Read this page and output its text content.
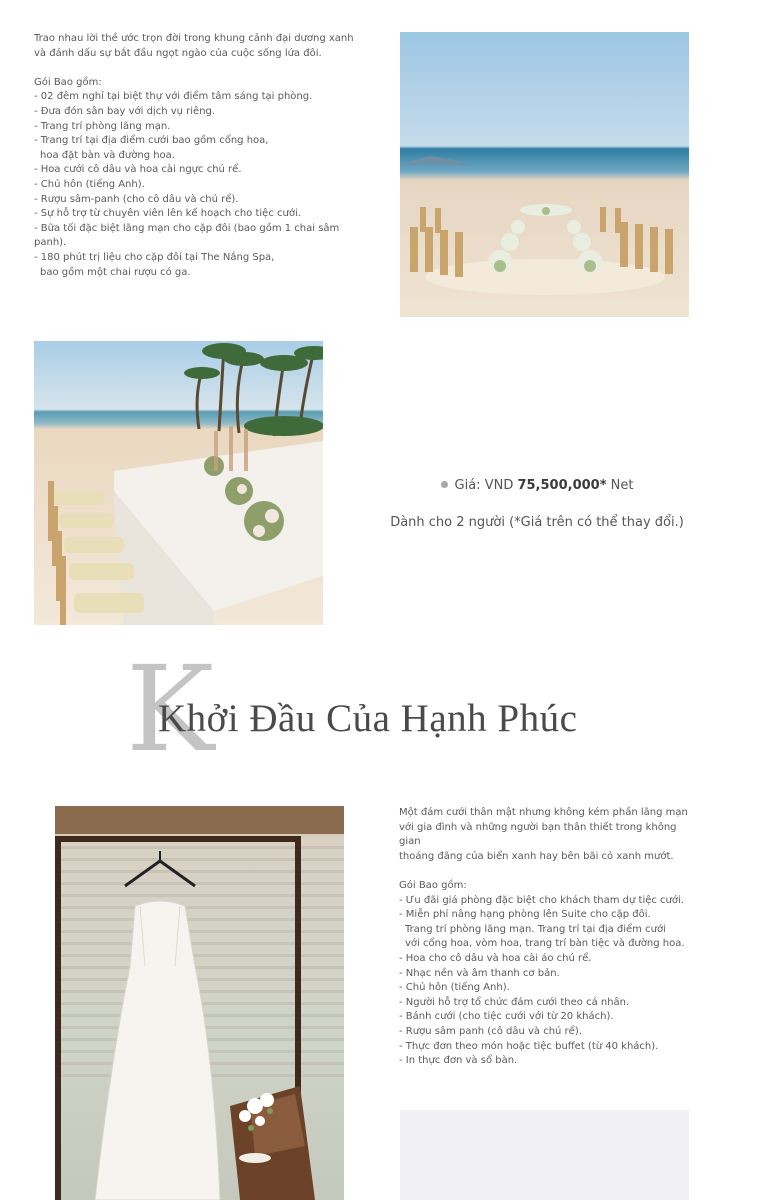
Trao nhau lời thề ước trọn đời trong khung cảnh đại dương xanh

và đánh dấu sự bắt đầu ngọt ngào của cuộc sống lứa đôi.

Gói Bao gồm:

- 02 đêm nghỉ tại biệt thự với điểm tâm sáng tại phòng.

- Đưa đón sân bay với dịch vụ riêng.

- Trang trí phòng lãng mạn.

- Trang trí tại địa điểm cưới bao gồm cổng hoa,

hoa đặt bàn và đường hoa.

- Hoa cưới cô dâu và hoa cài ngực chú rể.

- Chủ hôn (tiếng Anh).

- Rượu sâm-panh (cho cô dâu và chú rể).

- Sự hỗ trợ từ chuyên viên lên kế hoạch cho tiệc cưới.

- Bữa tối đặc biệt lãng mạn cho cặp đôi (bao gồm 1 chai sâm panh).

- 180 phút trị liệu cho cặp đôi tại The Nắng Spa,

bao gồm một chai rượu có ga.

Giá: VND 75,500,000* Net
Dành cho 2 người (*Giá trên có thể thay đổi.)
K
Khởi Đầu Của Hạnh Phúc

Một đám cưới thân mật nhưng không kém phần lãng mạn

với gia đình và những người bạn thân thiết trong không gian

thoáng đãng của biển xanh hay bên bãi cỏ xanh mướt.

Gói Bao gồm:

- Ưu đãi giá phòng đặc biệt cho khách tham dự tiệc cưới.

- Miễn phí nâng hạng phòng lên Suite cho cặp đôi.

Trang trí phòng lãng mạn. Trang trí tại địa điểm cưới

với cổng hoa, vòm hoa, trang trí bàn tiệc và đường hoa.

- Hoa cho cô dâu và hoa cài áo chú rể.

- Nhạc nền và âm thanh cơ bản.

- Chủ hôn (tiếng Anh).

- Người hỗ trợ tổ chức đám cưới theo cá nhân.

- Bánh cưới (cho tiệc cưới với từ 20 khách).

- Rượu sâm panh (cô dâu và chú rể).

- Thực đơn theo món hoặc tiệc buffet (từ 40 khách).

- In thực đơn và sổ bàn.
